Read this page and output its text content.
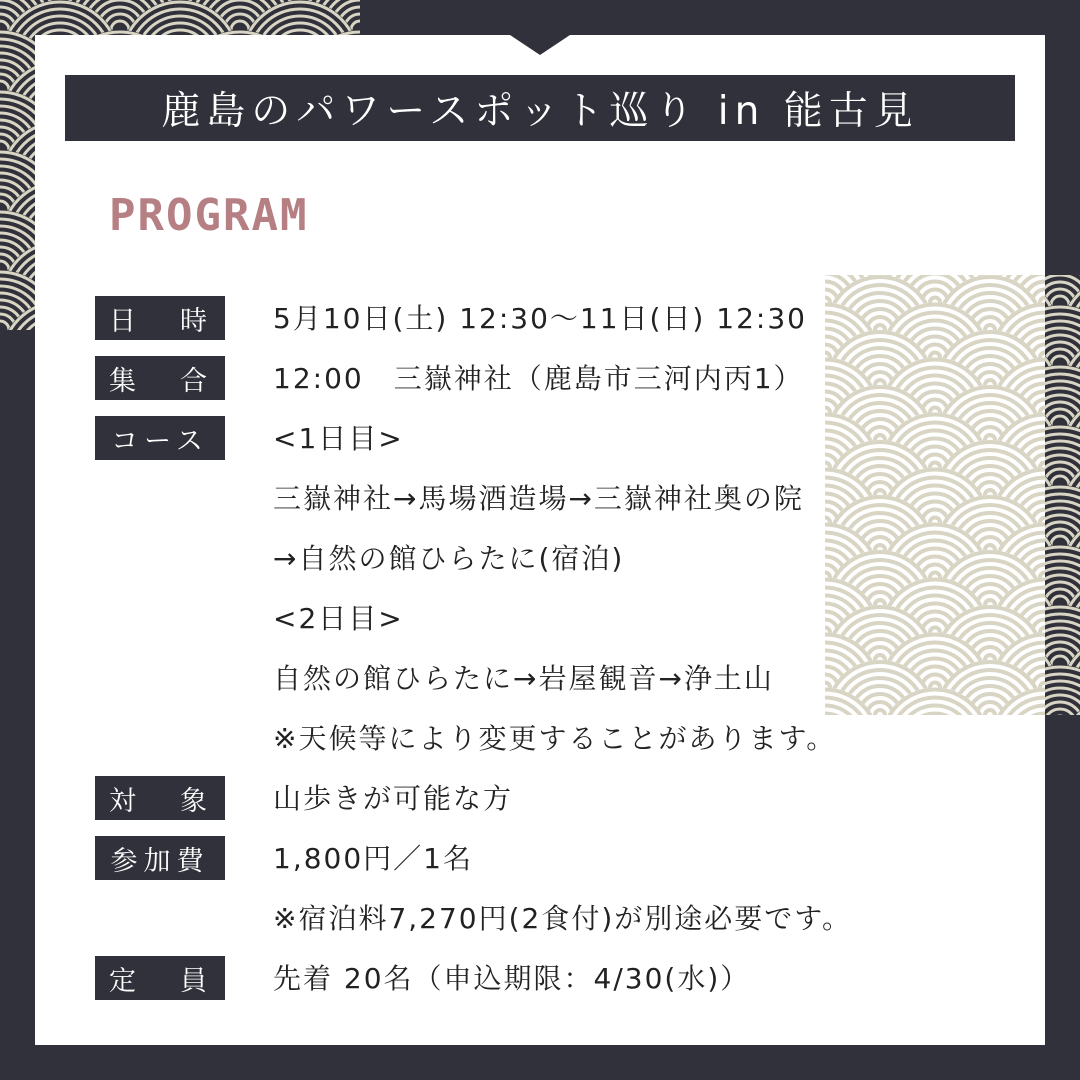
鹿島のパワースポット巡り in 能古見
PROGRAM
日 時 5月10日(土) 12:30～11日(日) 12:30
集 合 12:00　三嶽神社（鹿島市三河内丙1）
コース <1日目>
三嶽神社→馬場酒造場→三嶽神社奥の院
→自然の館ひらたに(宿泊)
<2日目>
自然の館ひらたに→岩屋観音→浄土山
※天候等により変更することがあります。
対 象 山歩きが可能な方
参加費 1,800円／1名
※宿泊料7,270円(2食付)が別途必要です。
定 員 先着 20名（申込期限：4/30(水)）
